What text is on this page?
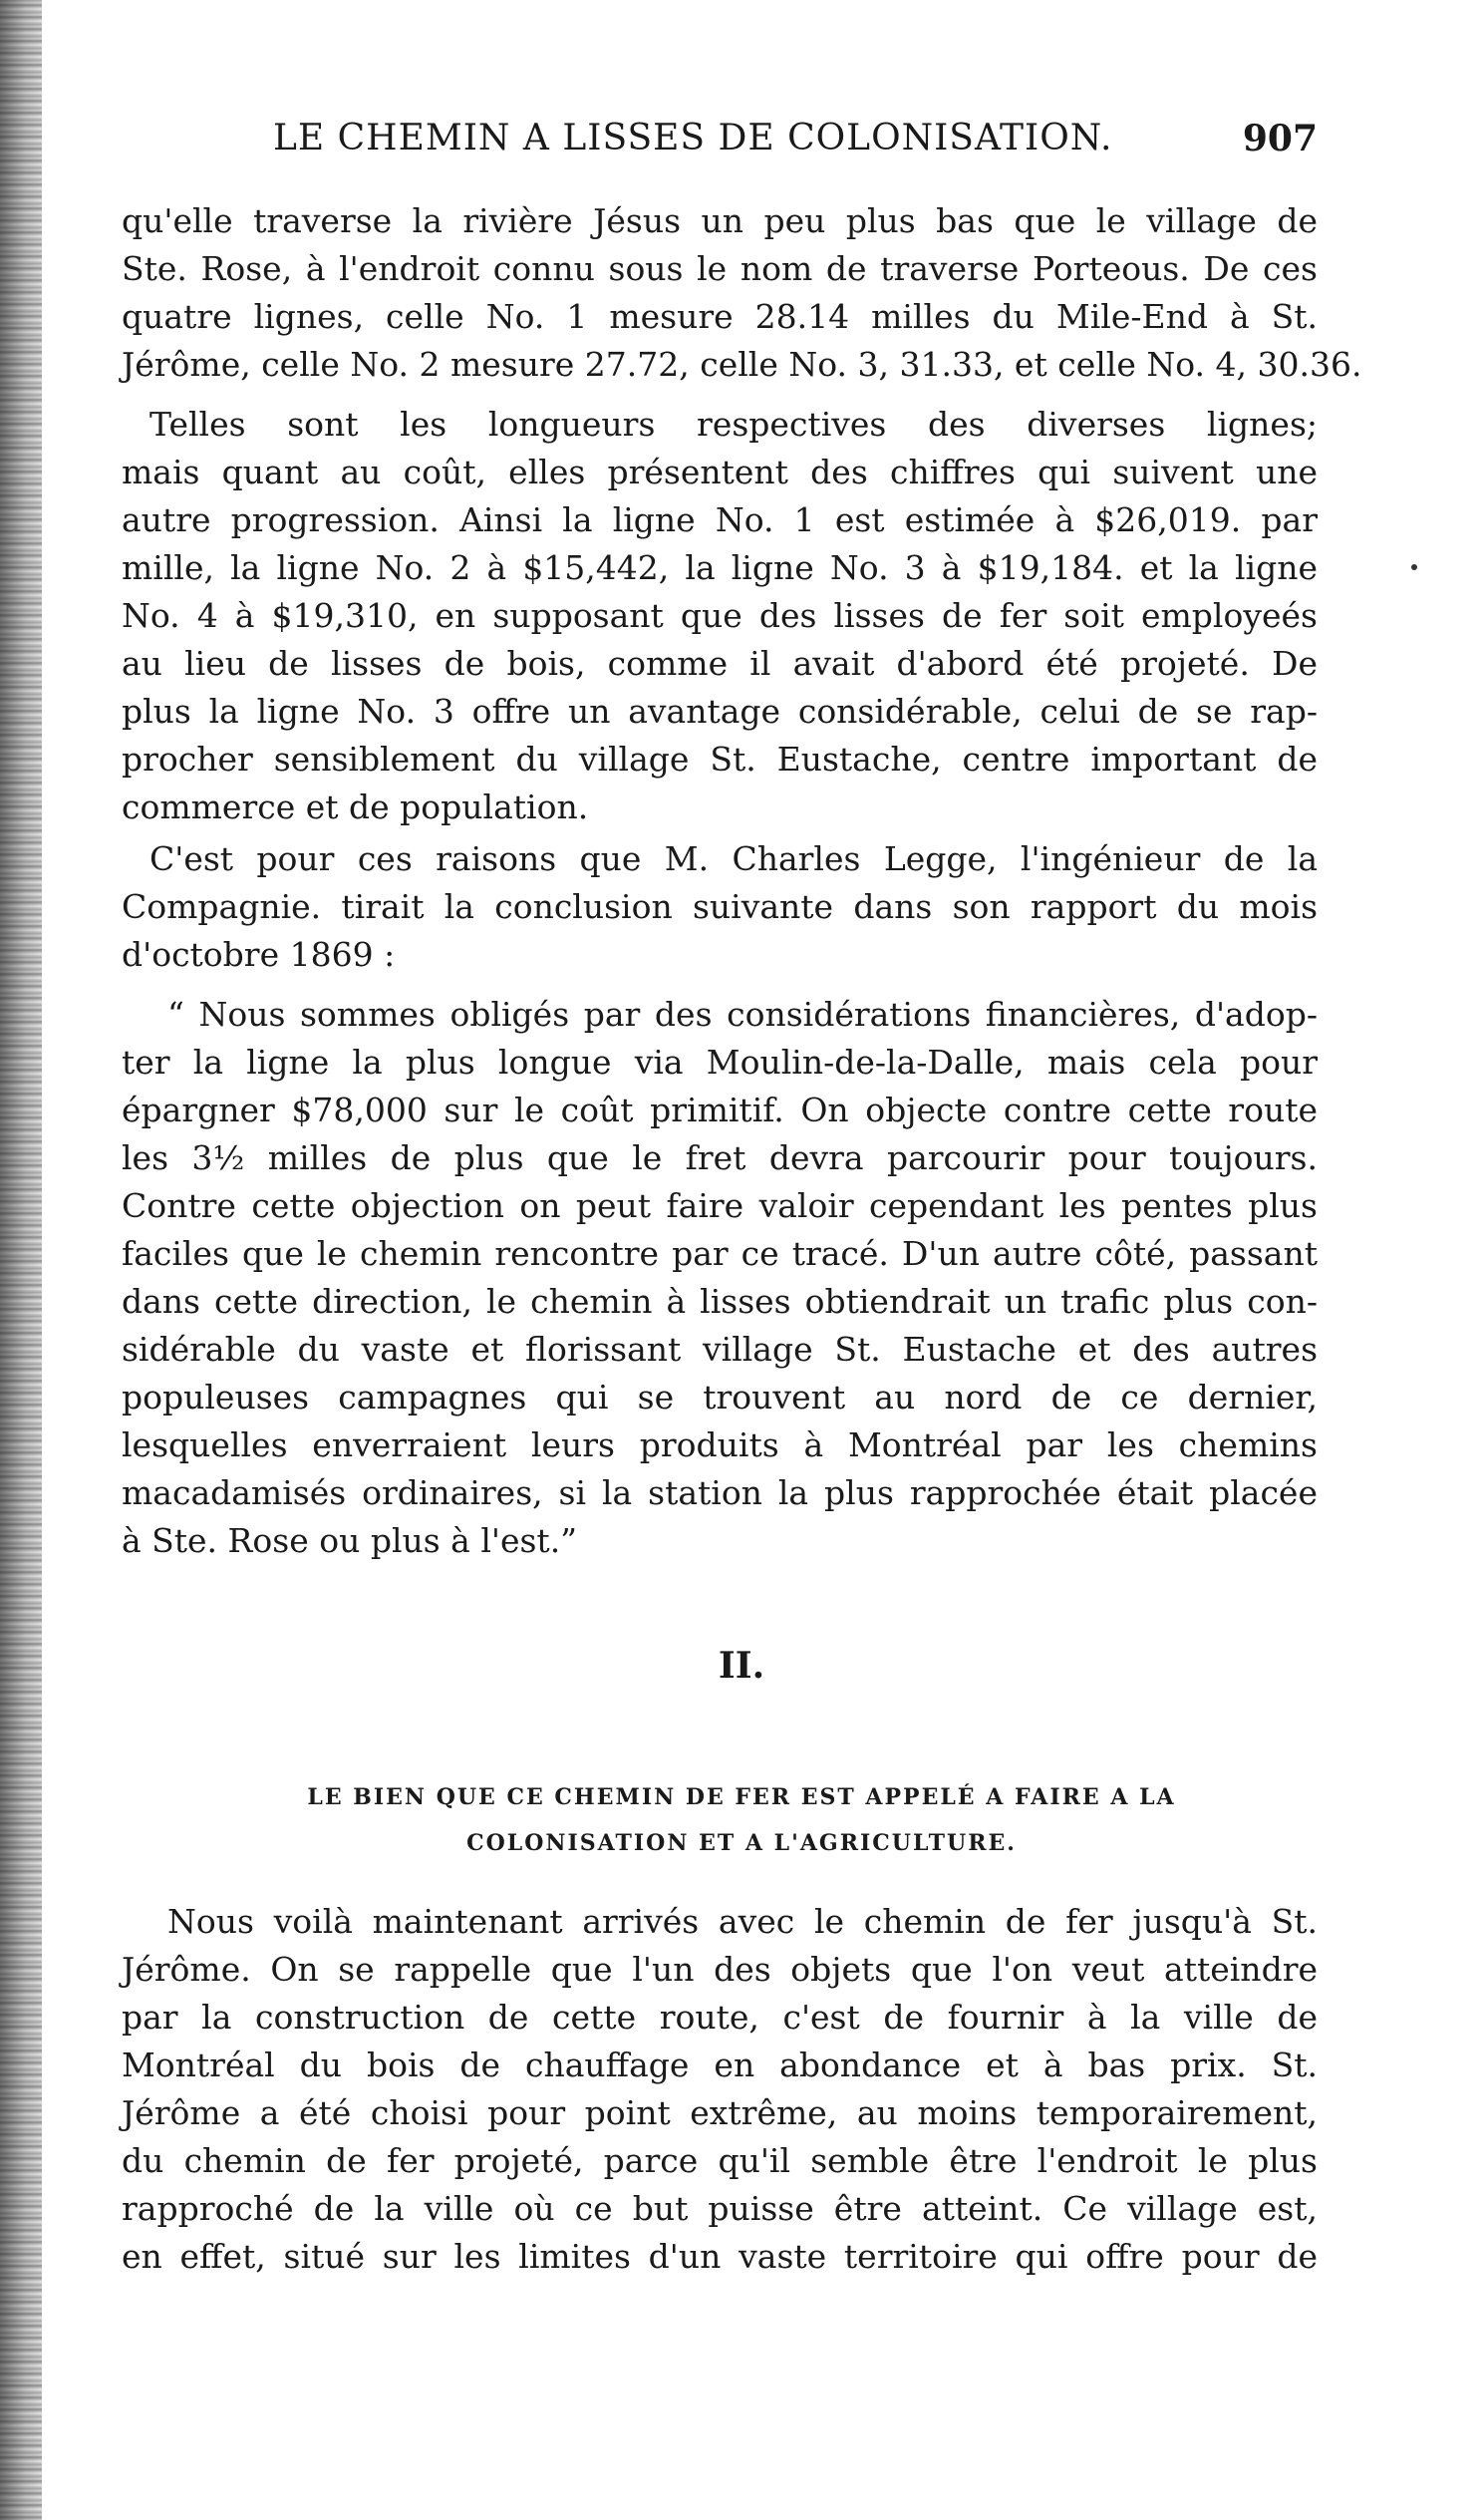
LE CHEMIN A LISSES DE COLONISATION.	907
qu'elle traverse la rivière Jésus un peu plus bas que le village de
Ste. Rose, à l'endroit connu sous le nom de traverse Porteous. De ces
quatre lignes, celle No. 1 mesure 28.14 milles du Mile-End à St.
Jérôme, celle No. 2 mesure 27.72, celle No. 3, 31.33, et celle No. 4, 30.36.
Telles sont les longueurs respectives des diverses lignes;
mais quant au coût, elles présentent des chiffres qui suivent une
autre progression. Ainsi la ligne No. 1 est estimée à $26,019. par
mille, la ligne No. 2 à $15,442, la ligne No. 3 à $19,184. et la ligne
No. 4 à $19,310, en supposant que des lisses de fer soit employeés
au lieu de lisses de bois, comme il avait d'abord été projeté. De
plus la ligne No. 3 offre un avantage considérable, celui de se rap-
procher sensiblement du village St. Eustache, centre important de
commerce et de population.
C'est pour ces raisons que M. Charles Legge, l'ingénieur de la
Compagnie. tirait la conclusion suivante dans son rapport du mois
d'octobre 1869 :
“ Nous sommes obligés par des considérations financières, d'adop-
ter la ligne la plus longue via Moulin-de-la-Dalle, mais cela pour
épargner $78,000 sur le coût primitif. On objecte contre cette route
les 3½ milles de plus que le fret devra parcourir pour toujours.
Contre cette objection on peut faire valoir cependant les pentes plus
faciles que le chemin rencontre par ce tracé. D'un autre côté, passant
dans cette direction, le chemin à lisses obtiendrait un trafic plus con-
sidérable du vaste et florissant village St. Eustache et des autres
populeuses campagnes qui se trouvent au nord de ce dernier,
lesquelles enverraient leurs produits à Montréal par les chemins
macadamisés ordinaires, si la station la plus rapprochée était placée
à Ste. Rose ou plus à l'est.”
II.
LE BIEN QUE CE CHEMIN DE FER EST APPELÉ A FAIRE A LA
COLONISATION ET A L'AGRICULTURE.
Nous voilà maintenant arrivés avec le chemin de fer jusqu'à St.
Jérôme. On se rappelle que l'un des objets que l'on veut atteindre
par la construction de cette route, c'est de fournir à la ville de
Montréal du bois de chauffage en abondance et à bas prix. St.
Jérôme a été choisi pour point extrême, au moins temporairement,
du chemin de fer projeté, parce qu'il semble être l'endroit le plus
rapproché de la ville où ce but puisse être atteint. Ce village est,
en effet, situé sur les limites d'un vaste territoire qui offre pour de
